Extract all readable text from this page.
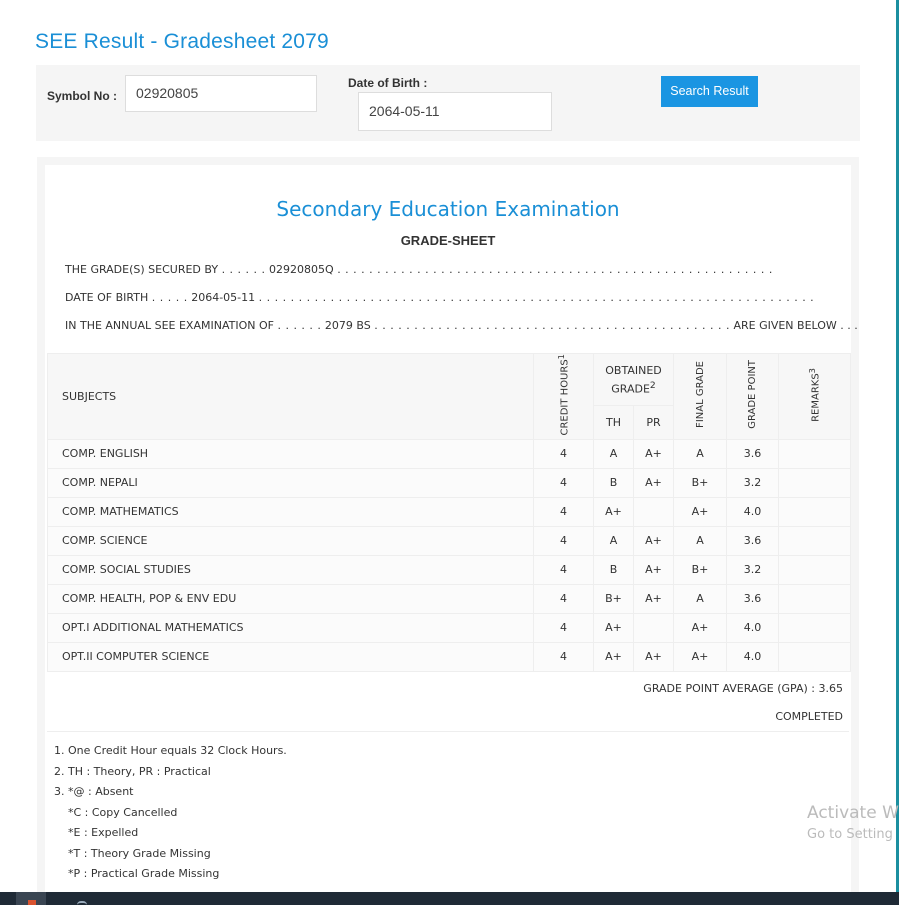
SEE Result - Gradesheet 2079
Symbol No :	02920805
Date of Birth :
2064-05-11
Search Result
Secondary Education Examination
GRADE-SHEET
THE GRADE(S) SECURED BY . . . . . . 02920805Q . . . . . . . . . . . . . . . . . . . . . . . . . . . . . . . . . . . . . . . . . . . . . . . . . . . . . . .
DATE OF BIRTH . . . . . 2064-05-11 . . . . . . . . . . . . . . . . . . . . . . . . . . . . . . . . . . . . . . . . . . . . . . . . . . . . . . . . . . . . . . . . . . . . . .
IN THE ANNUAL SEE EXAMINATION OF . . . . . . 2079 BS . . . . . . . . . . . . . . . . . . . . . . . . . . . . . . . . . . . . . . . . . . . . . ARE GIVEN BELOW . . .
SUBJECTS	CREDIT HOURS$^1$	OBTAINED GRADE$^2$		FINAL GRADE	GRADE POINT	REMARKS$^3$
		TH	PR			
COMP. ENGLISH	4	A	A+	A	3.6	
COMP. NEPALI	4	B	A+	B+	3.2	
COMP. MATHEMATICS	4	A+		A+	4.0	
COMP. SCIENCE	4	A	A+	A	3.6	
COMP. SOCIAL STUDIES	4	B	A+	B+	3.2	
COMP. HEALTH, POP & ENV EDU	4	B+	A+	A	3.6	
OPT.I ADDITIONAL MATHEMATICS	4	A+		A+	4.0	
OPT.II COMPUTER SCIENCE	4	A+	A+	A+	4.0	
GRADE POINT AVERAGE (GPA) : 3.65
COMPLETED
1. One Credit Hour equals 32 Clock Hours.
2. TH : Theory, PR : Practical
3. *@ : Absent
*C : Copy Cancelled
*E : Expelled
*T : Theory Grade Missing
*P : Practical Grade Missing
Activate W
Go to Setting
